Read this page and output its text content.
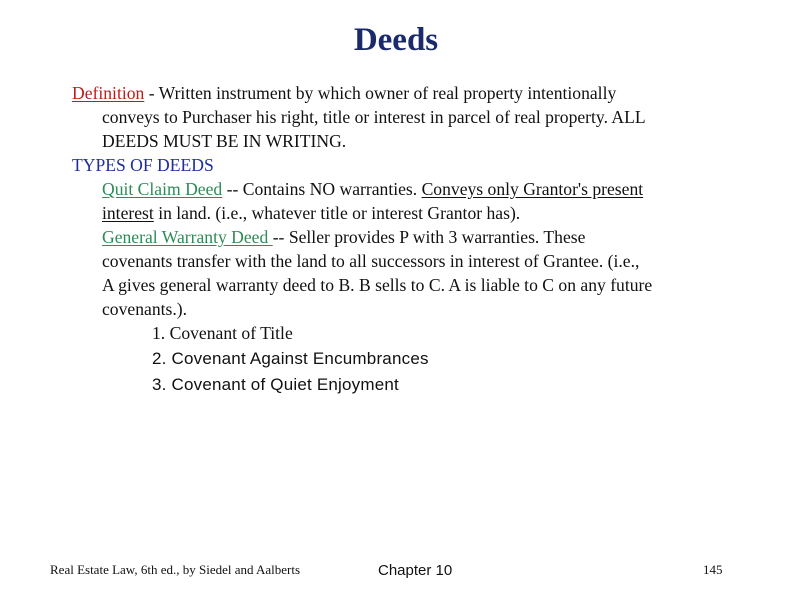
Deeds
Definition - Written instrument by which owner of real property intentionally
conveys to Purchaser his right, title or interest in parcel of real property. ALL
DEEDS MUST BE IN WRITING.
TYPES OF DEEDS
Quit Claim Deed -- Contains NO warranties. Conveys only Grantor's present
interest in land. (i.e., whatever title or interest Grantor has).
General Warranty Deed -- Seller provides P with 3 warranties. These
covenants transfer with the land to all successors in interest of Grantee. (i.e.,
A gives general warranty deed to B. B sells to C. A is liable to C on any future
covenants.).
1. Covenant of Title
2. Covenant Against Encumbrances
3. Covenant of Quiet Enjoyment
Real Estate Law, 6th ed., by Siedel and Aalberts	Chapter 10	145
